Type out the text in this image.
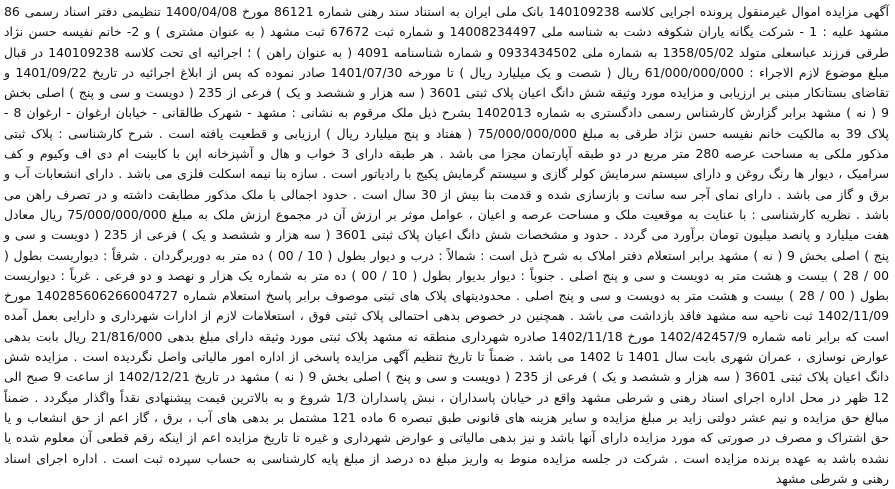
آگهی مزایده اموال غیرمنقول پرونده اجرایی کلاسه 140109238 بانک ملی ایران به استناد سند رهنی شماره 86121 مورخ 1400/04/08 تنظیمی دفتر اسناد رسمی 86 مشهد علیه : 1 - شرکت یگانه یاران شکوفه دشت به شناسه ملی 14008234497 و شماره ثبت 67672 ثبت مشهد ( به عنوان مشتری ) و 2- خانم نفیسه حسن نژاد طرقی فرزند عباسعلی متولد 1358/05/02 به شماره ملی 0933434502 و شماره شناسنامه 4091 ( به عنوان راهن ) ؛ اجرائیه ای تحت کلاسه 140109238 در قبال مبلغ موضوع لازم الاجراء : 61/000/000/000 ریال ( شصت و یک میلیارد ریال ) تا مورخه 1401/07/30 صادر نموده که پس از ابلاغ اجرائیه در تاریخ 1401/09/22 و تقاضای بستانکار مبنی بر ارزیابی و مزایده مورد وثیقه شش دانگ اعیان پلاک ثبتی 3601 ( سه هزار و ششصد و یک ) فرعی از 235 ( دویست و سی و پنج ) اصلی بخش 9 ( نه ) مشهد برابر گزارش کارشناس رسمی دادگستری به شماره 1402013 بشرح ذیل ملک مرقوم به نشانی : مشهد - شهرک طالقانی - خیابان ارغوان - ارغوان 8 - پلاک 39 به مالکیت خانم نفیسه حسن نژاد طرقی به مبلغ 75/000/000/000 ( هفتاد و پنج میلیارد ریال ) ارزیابی و قطعیت یافته است . شرح کارشناسی : پلاک ثبتی مذکور ملکی به مساحت عرصه 280 متر مربع در دو طبقه آپارتمان مجزا می باشد . هر طبقه دارای 3 خواب و هال و آشپزخانه اپن با کابینت ام دی اف وکیوم و کف سرامیک ، دیوار ها رنگ روغن و دارای سیستم سرمایش کولر گازی و سیستم گرمایش پکیج با رادیاتور است . سازه بنا نیمه اسکلت فلزی می باشد . دارای انشعابات آب و برق و گاز می باشد . دارای نمای آجر سه سانت و بازسازی شده و قدمت بنا بیش از 30 سال است . حدود اجمالی با ملک مذکور مطابقت داشته و در تصرف راهن می باشد . نظریه کارشناسی : با عنایت به موقعیت ملک و مساحت عرصه و اعیان ، عوامل موثر بر ارزش آن در مجموع ارزش ملک به مبلغ 75/000/000/000 ریال معادل هفت میلیارد و پانصد میلیون تومان برآورد می گردد . حدود و مشخصات شش دانگ اعیان پلاک ثبتی 3601 ( سه هزار و ششصد و یک ) فرعی از 235 ( دویست و سی و پنج ) اصلی بخش 9 ( نه ) مشهد برابر استعلام دفتر املاک به شرح ذیل است : شمالاً : درب و دیوار بطول ( 10 / 00 ) ده متر به دوربرگردان . شرقاً : دیواریست بطول ( 00 / 28 ) بیست و هشت متر به دویست و سی و پنج اصلی . جنوباً : دیوار بدیوار بطول ( 10 / 00 ) ده متر به شماره یک هزار و نهصد و دو فرعی . غرباً : دیواریست بطول ( 00 / 28 ) بیست و هشت متر به دویست و سی و پنج اصلی . محدودیتهای پلاک های ثبتی موصوف برابر پاسخ استعلام شماره 140285606266004727 مورخ 1402/11/09 ثبت ناحیه سه مشهد فاقد بازداشت می باشد . همچنین در خصوص بدهی احتمالی پلاک ثبتی فوق ، استعلامات لازم از ادارات شهرداری و دارایی بعمل آمده است که برابر نامه شماره 1402/42457/9 مورخ 1402/11/18 صادره شهرداری منطقه نه مشهد پلاک ثبتی مورد وثیقه دارای مبلغ بدهی 21/816/000 ریال بابت بدهی عوارض نوسازی ، عمران شهری بابت سال 1401 تا 1402 می باشد . ضمناً تا تاریخ تنظیم آگهی مزایده پاسخی از اداره امور مالیاتی واصل نگردیده است . مزایده شش دانگ اعیان پلاک ثبتی 3601 ( سه هزار و ششصد و یک ) فرعی از 235 ( دویست و سی و پنج ) اصلی بخش 9 ( نه ) مشهد در تاریخ 1402/12/21 از ساعت 9 صبح الی 12 ظهر در محل اداره اجرای اسناد رهنی و شرطی مشهد واقع در خیابان پاسداران ، نبش پاسداران 1/3 شروع و به بالاترین قیمت پیشنهادی نقداً واگذار میگردد . ضمناً مبالغ حق مزایده و نیم عشر دولتی زاید بر مبلغ مزایده و سایر هزینه های قانونی طبق تبصره 6 ماده 121 مشتمل بر بدهی های آب ، برق ، گاز اعم از حق انشعاب و یا حق اشتراک و مصرف در صورتی که مورد مزایده دارای آنها باشد و نیز بدهی مالیاتی و عوارض شهرداری و غیره تا تاریخ مزایده اعم از اینکه رقم قطعی آن معلوم شده یا نشده باشد به عهده برنده مزایده است . شرکت در جلسه مزایده منوط به واریز مبلغ ده درصد از مبلغ پایه کارشناسی به حساب سپرده ثبت است . اداره اجرای اسناد رهنی و شرطی مشهد
